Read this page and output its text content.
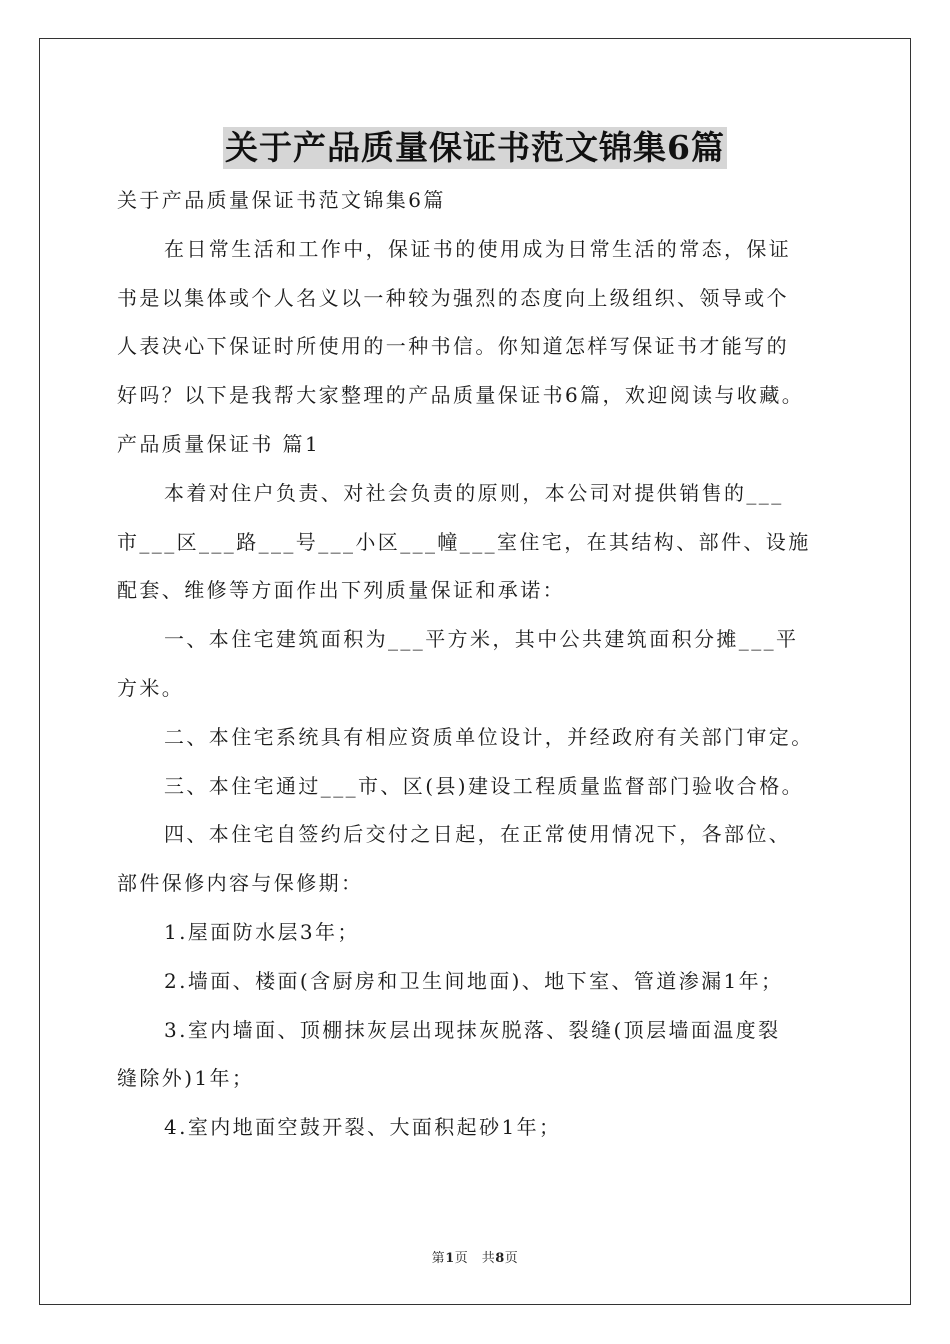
关于产品质量保证书范文锦集6篇
关于产品质量保证书范文锦集6篇
在日常生活和工作中，保证书的使用成为日常生活的常态，保证
书是以集体或个人名义以一种较为强烈的态度向上级组织、领导或个
人表决心下保证时所使用的一种书信。你知道怎样写保证书才能写的
好吗？以下是我帮大家整理的产品质量保证书6篇，欢迎阅读与收藏。
产品质量保证书 篇1
本着对住户负责、对社会负责的原则，本公司对提供销售的___
市___区___路___号___小区___幢___室住宅，在其结构、部件、设施
配套、维修等方面作出下列质量保证和承诺：
一、本住宅建筑面积为___平方米，其中公共建筑面积分摊___平
方米。
二、本住宅系统具有相应资质单位设计，并经政府有关部门审定。
三、本住宅通过___市、区(县)建设工程质量监督部门验收合格。
四、本住宅自签约后交付之日起，在正常使用情况下，各部位、
部件保修内容与保修期：
1.屋面防水层3年；
2.墙面、楼面(含厨房和卫生间地面)、地下室、管道渗漏1年；
3.室内墙面、顶棚抹灰层出现抹灰脱落、裂缝(顶层墙面温度裂
缝除外)1年；
4.室内地面空鼓开裂、大面积起砂1年；
第1页　共8页
